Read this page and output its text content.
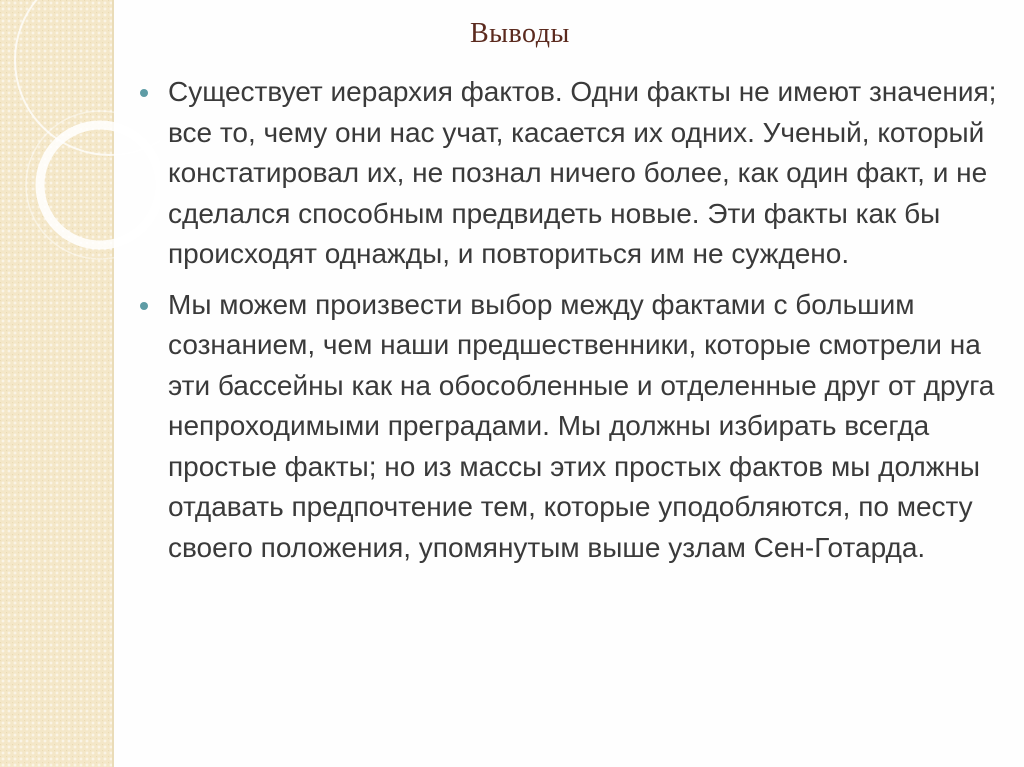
Выводы
Существует иерархия фактов. Одни факты не имеют значения; все то, чему они нас учат, касается их одних. Ученый, который констатировал их, не познал ничего более, как один факт, и не сделался способным предвидеть новые. Эти факты как бы происходят однажды, и повториться им не суждено.
Мы можем произвести выбор между фактами с большим сознанием, чем наши предшественники, которые смотрели на эти бассейны как на обособленные и отделенные друг от друга непроходимыми преградами. Мы должны избирать всегда простые факты; но из массы этих простых фактов мы должны отдавать предпочтение тем, которые уподобляются, по месту своего положения, упомянутым выше узлам Сен-Готарда.
